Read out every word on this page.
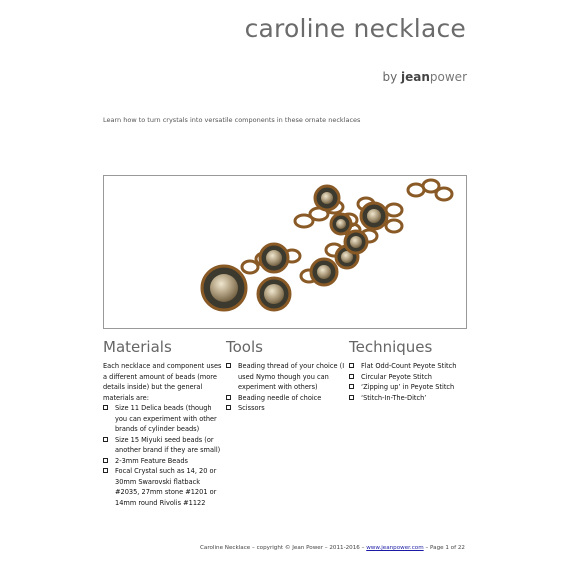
caroline necklace
by jeanpower
Learn how to turn crystals into versatile components in these ornate necklaces
Materials

Each necklace and component uses a different amount of beads (more details inside) but the general materials are:

Size 11 Delica beads (though you can experiment with other brands of cylinder beads)
Size 15 Miyuki seed beads (or another brand if they are small)
2-3mm Feature Beads
Focal Crystal such as 14, 20 or 30mm Swarovski flatback #2035, 27mm stone #1201 or 14mm round Rivolis #1122
Tools
Beading thread of your choice (I used Nymo though you can experiment with others)
Beading needle of choice
Scissors
Techniques
Flat Odd-Count Peyote Stitch
Circular Peyote Stitch
‘Zipping up’ in Peyote Stitch
‘Stitch-In-The-Ditch’
Caroline Necklace – copyright © Jean Power – 2011-2016 – www.jeanpower.com – Page 1 of 22
